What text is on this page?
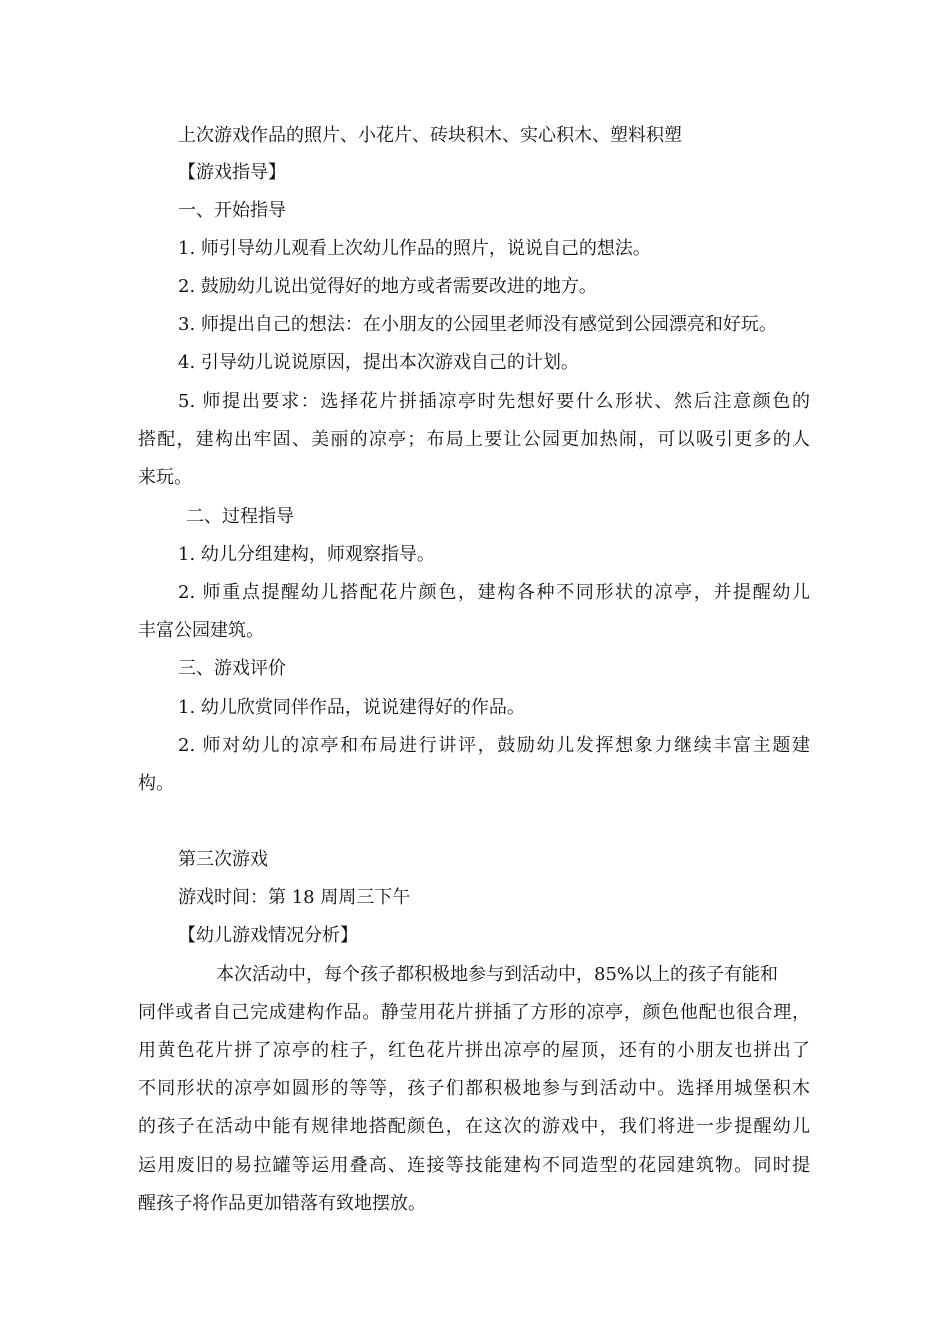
上次游戏作品的照片、小花片、砖块积木、实心积木、塑料积塑
【游戏指导】
一、开始指导
1. 师引导幼儿观看上次幼儿作品的照片，说说自己的想法。
2. 鼓励幼儿说出觉得好的地方或者需要改进的地方。
3. 师提出自己的想法：在小朋友的公园里老师没有感觉到公园漂亮和好玩。
4. 引导幼儿说说原因，提出本次游戏自己的计划。
5. 师提出要求：选择花片拼插凉亭时先想好要什么形状、然后注意颜色的
搭配，建构出牢固、美丽的凉亭；布局上要让公园更加热闹，可以吸引更多的人
来玩。
二、过程指导
1. 幼儿分组建构，师观察指导。
2. 师重点提醒幼儿搭配花片颜色，建构各种不同形状的凉亭，并提醒幼儿
丰富公园建筑。
三、游戏评价
1. 幼儿欣赏同伴作品，说说建得好的作品。
2. 师对幼儿的凉亭和布局进行讲评，鼓励幼儿发挥想象力继续丰富主题建
构。
第三次游戏
游戏时间：第 18 周周三下午
【幼儿游戏情况分析】
本次活动中，每个孩子都积极地参与到活动中，85%以上的孩子有能和
同伴或者自己完成建构作品。静莹用花片拼插了方形的凉亭，颜色他配也很合理，
用黄色花片拼了凉亭的柱子，红色花片拼出凉亭的屋顶，还有的小朋友也拼出了
不同形状的凉亭如圆形的等等，孩子们都积极地参与到活动中。选择用城堡积木
的孩子在活动中能有规律地搭配颜色，在这次的游戏中，我们将进一步提醒幼儿
运用废旧的易拉罐等运用叠高、连接等技能建构不同造型的花园建筑物。同时提
醒孩子将作品更加错落有致地摆放。
